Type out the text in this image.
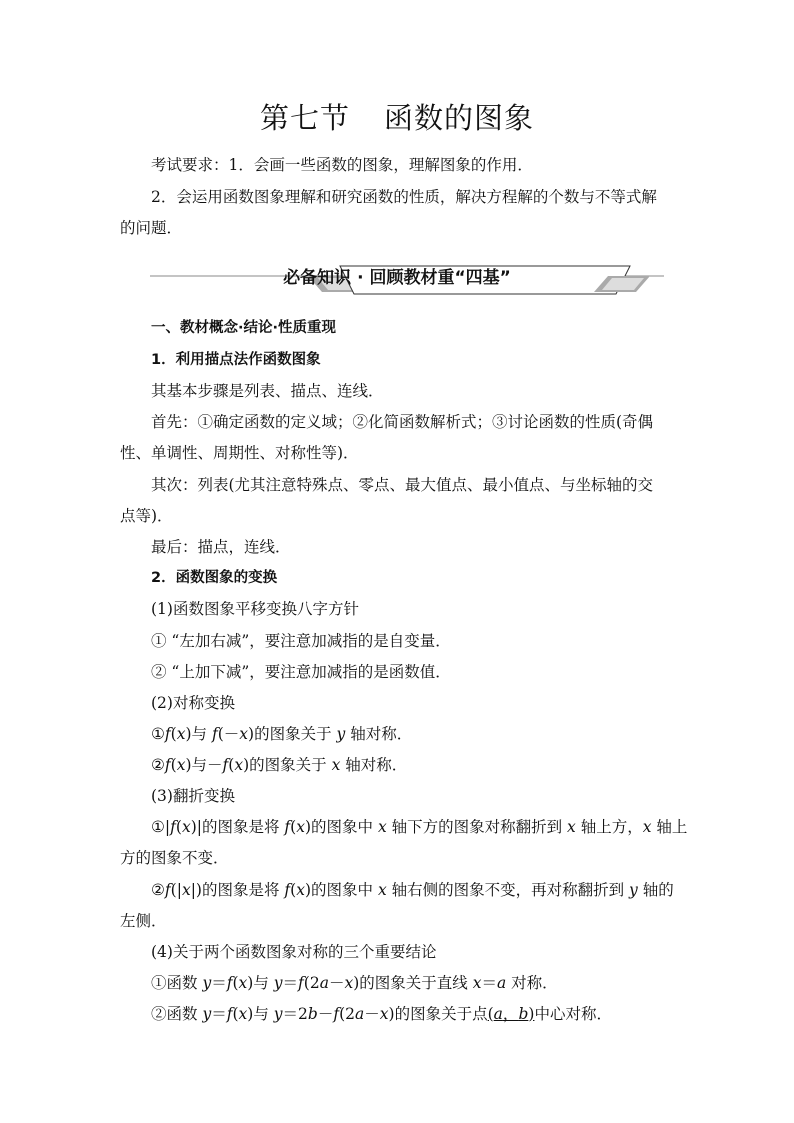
第七节 函数的图象
考试要求：1．会画一些函数的图象，理解图象的作用．
2．会运用函数图象理解和研究函数的性质，解决方程解的个数与不等式解
的问题．
必备知识 · 回顾教材重“四基”
一、教材概念·结论·性质重现
1．利用描点法作函数图象
其基本步骤是列表、描点、连线．
首先：①确定函数的定义域；②化简函数解析式；③讨论函数的性质(奇偶
性、单调性、周期性、对称性等)．
其次：列表(尤其注意特殊点、零点、最大值点、最小值点、与坐标轴的交
点等)．
最后：描点，连线．
2．函数图象的变换
(1)函数图象平移变换八字方针
① “左加右减”，要注意加减指的是自变量．
② “上加下减”，要注意加减指的是函数值．
(2)对称变换
①f(x)与 f(－x)的图象关于 y 轴对称．
②f(x)与－f(x)的图象关于 x 轴对称．
(3)翻折变换
①|f(x)|的图象是将 f(x)的图象中 x 轴下方的图象对称翻折到 x 轴上方，x 轴上
方的图象不变．
②f(|x|)的图象是将 f(x)的图象中 x 轴右侧的图象不变，再对称翻折到 y 轴的
左侧．
(4)关于两个函数图象对称的三个重要结论
①函数 y＝f(x)与 y＝f(2a－x)的图象关于直线 x＝a 对称．
②函数 y＝f(x)与 y＝2b－f(2a－x)的图象关于点(a，b)中心对称．
